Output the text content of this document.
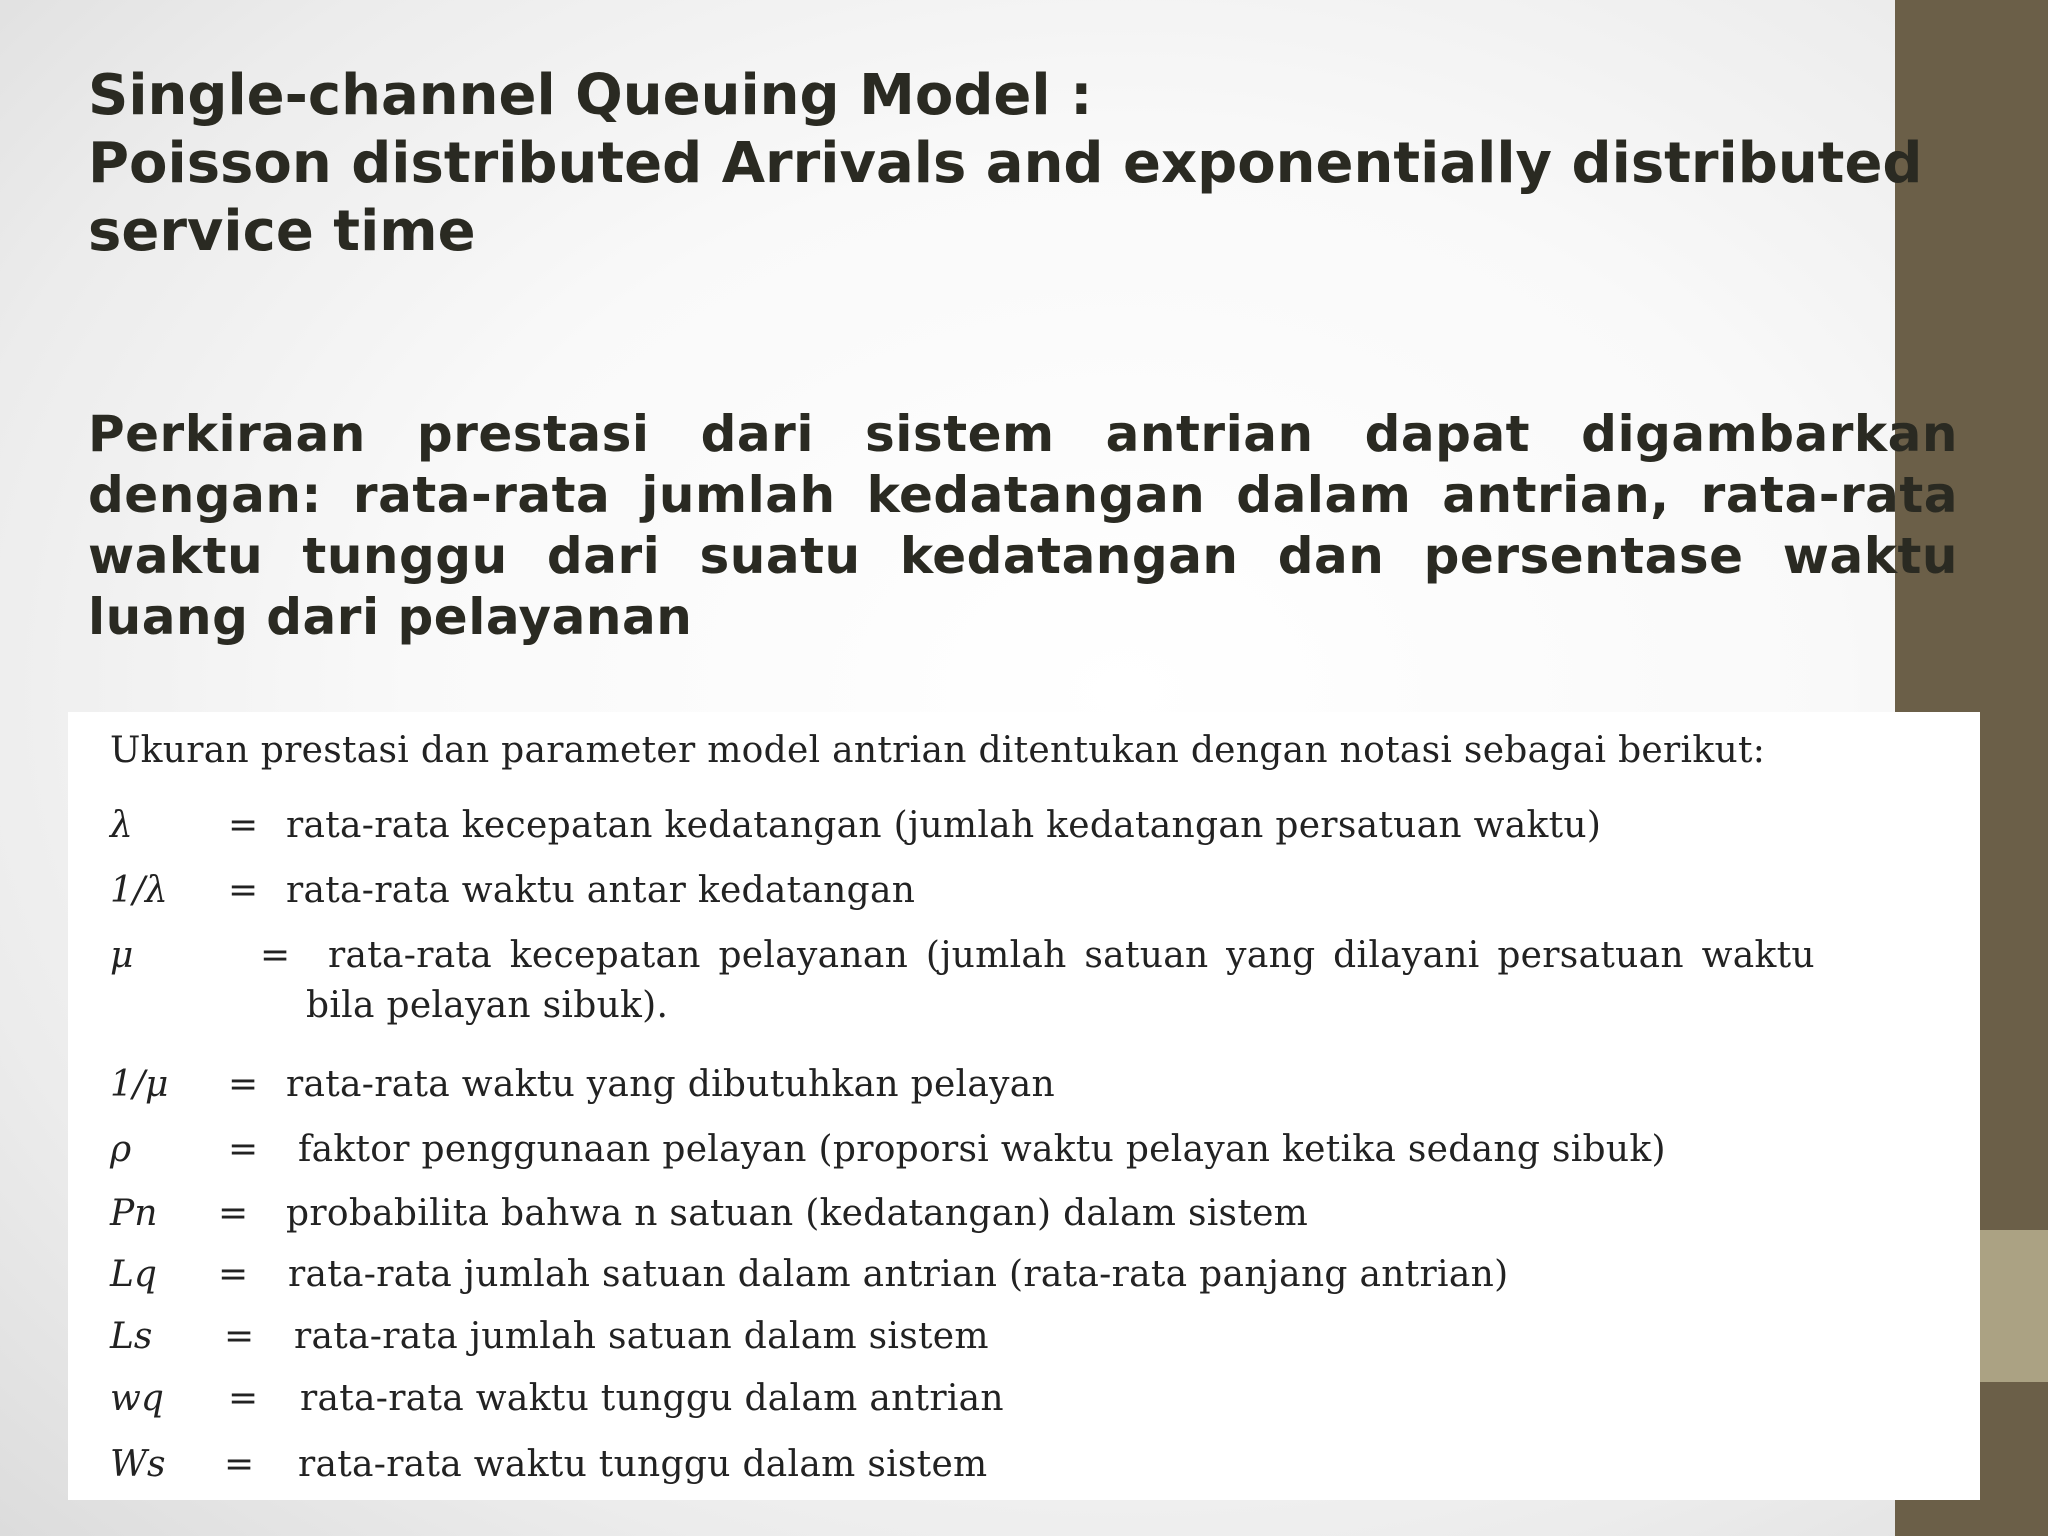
Single-channel Queuing Model :
Poisson distributed Arrivals and exponentially distributed
service time

Perkiraan prestasi dari sistem antrian dapat digambarkan dengan: rata-rata jumlah kedatangan dalam antrian, rata-rata waktu tunggu dari suatu kedatangan dan persentase waktu luang dari pelayanan

Ukuran prestasi dan parameter model antrian ditentukan dengan notasi sebagai berikut:

λ	= rata-rata kecepatan kedatangan (jumlah kedatangan persatuan waktu)
1/λ = rata-rata waktu antar kedatangan
μ	= rata-rata kecepatan pelayanan (jumlah satuan yang dilayani persatuan waktu
bila pelayan sibuk).
1/μ = rata-rata waktu yang dibutuhkan pelayan
ρ	= faktor penggunaan pelayan (proporsi waktu pelayan ketika sedang sibuk)
Pn = probabilita bahwa n satuan (kedatangan) dalam sistem
Lq = rata-rata jumlah satuan dalam antrian (rata-rata panjang antrian)
Ls = rata-rata jumlah satuan dalam sistem
wq = rata-rata waktu tunggu dalam antrian
Ws = rata-rata waktu tunggu dalam sistem
